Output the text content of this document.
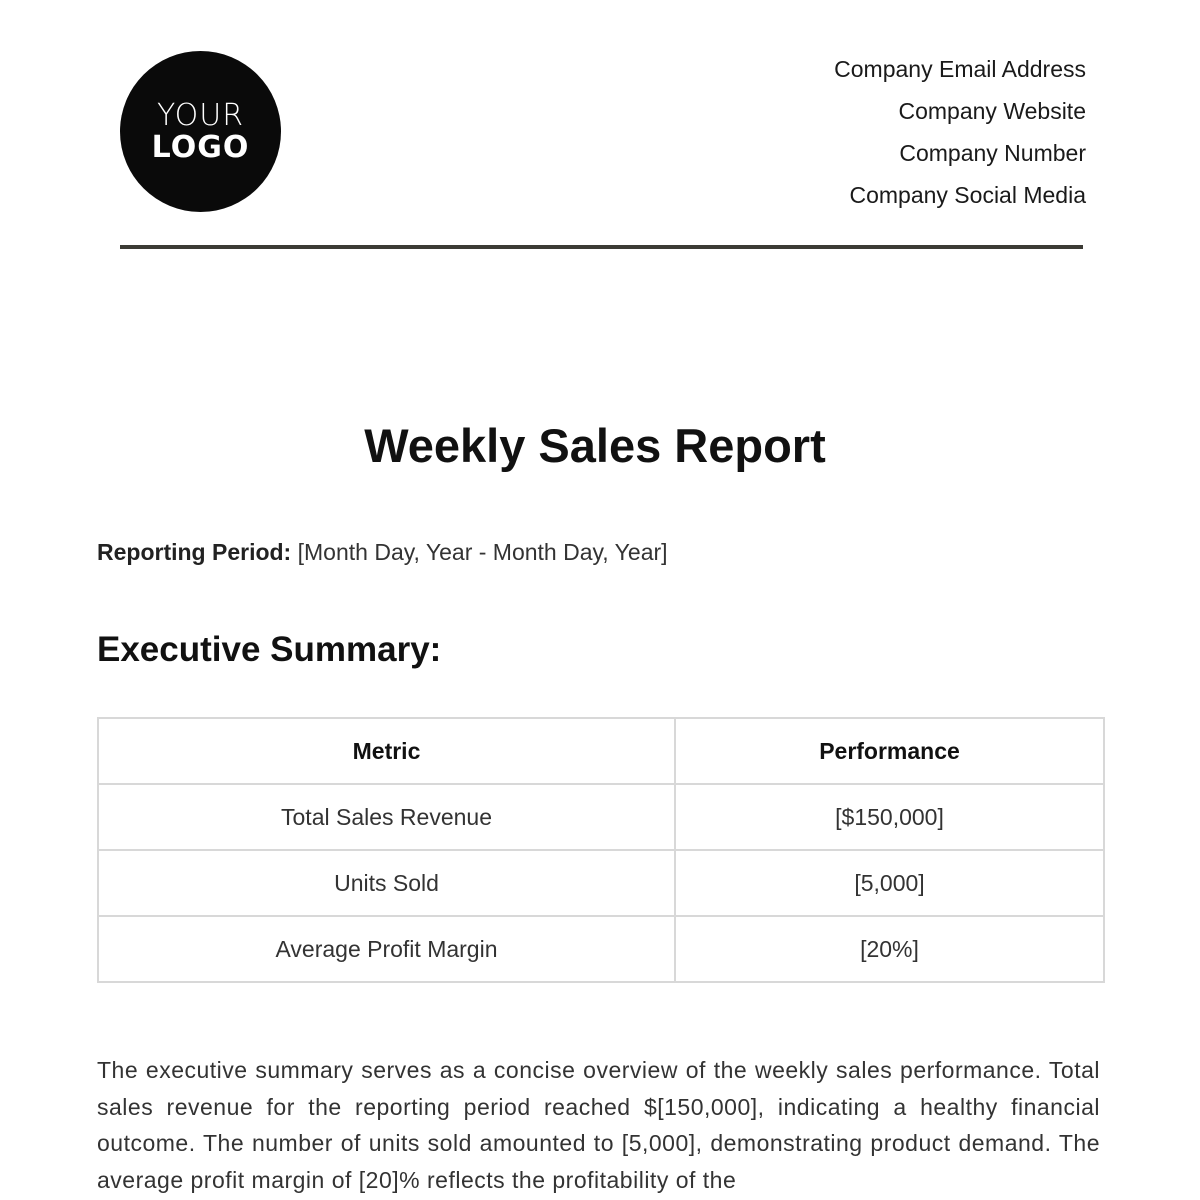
YOUR
LOGO
Company Email Address
Company Website
Company Number
Company Social Media
Weekly Sales Report
Reporting Period: [Month Day, Year - Month Day, Year]
Executive Summary:
Metric	Performance
Total Sales Revenue	[$150,000]
Units Sold	[5,000]
Average Profit Margin	[20%]
The executive summary serves as a concise overview of the weekly sales performance. Total sales revenue for the reporting period reached $[150,000], indicating a healthy financial outcome. The number of units sold amounted to [5,000], demonstrating product demand. The average profit margin of [20]% reflects the profitability of the
